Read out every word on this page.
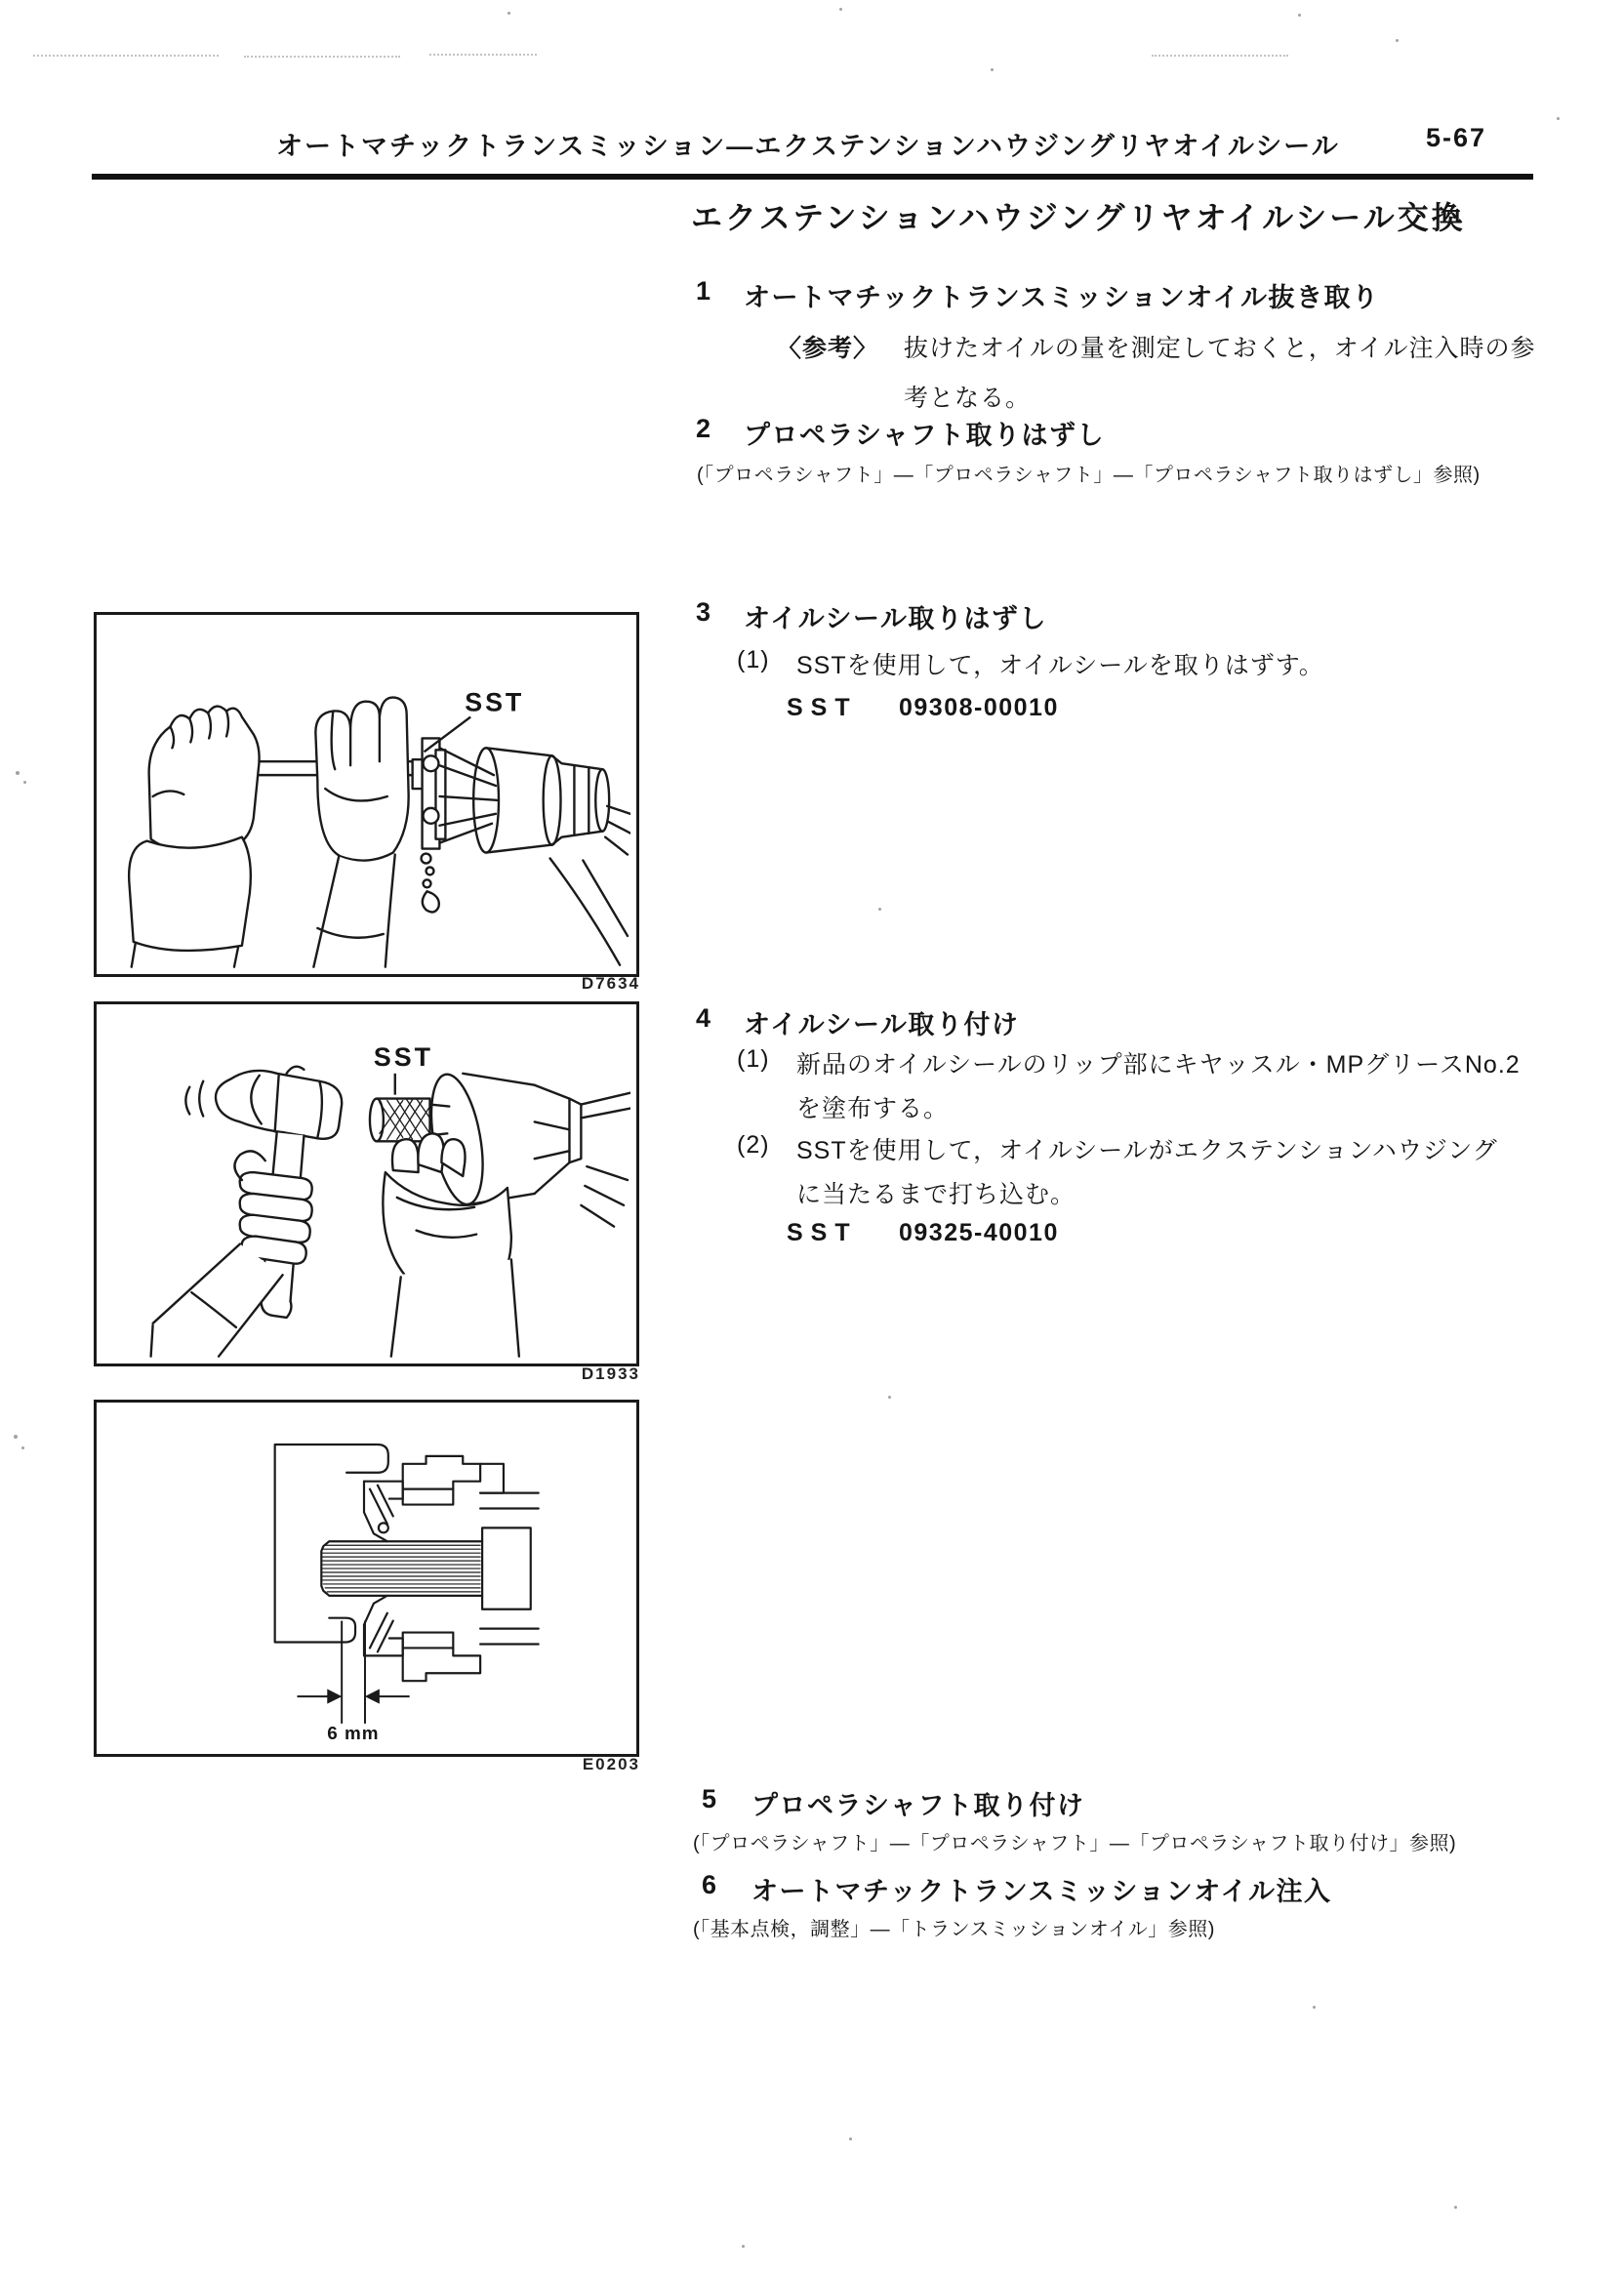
オートマチックトランスミッション―エクステンションハウジングリヤオイルシール	5-67
エクステンションハウジングリヤオイルシール交換
1 オートマチックトランスミッションオイル抜き取り
〈参考〉 抜けたオイルの量を測定しておくと，オイル注入時の参
考となる。
2 プロペラシャフト取りはずし
(「プロペラシャフト」―「プロペラシャフト」―「プロペラシャフト取りはずし」参照)
3 オイルシール取りはずし
(1) SSTを使用して，オイルシールを取りはずす。
SST 09308-00010
4 オイルシール取り付け
(1) 新品のオイルシールのリップ部にキヤッスル・MPグリースNo.2
を塗布する。
(2) SSTを使用して，オイルシールがエクステンションハウジング
に当たるまで打ち込む。
SST 09325-40010
5 プロペラシャフト取り付け
(「プロペラシャフト」―「プロペラシャフト」―「プロペラシャフト取り付け」参照)
6 オートマチックトランスミッションオイル注入
(「基本点検，調整」―「トランスミッションオイル」参照)
SST
D7634
SST
D1933
6 mm
E0203
